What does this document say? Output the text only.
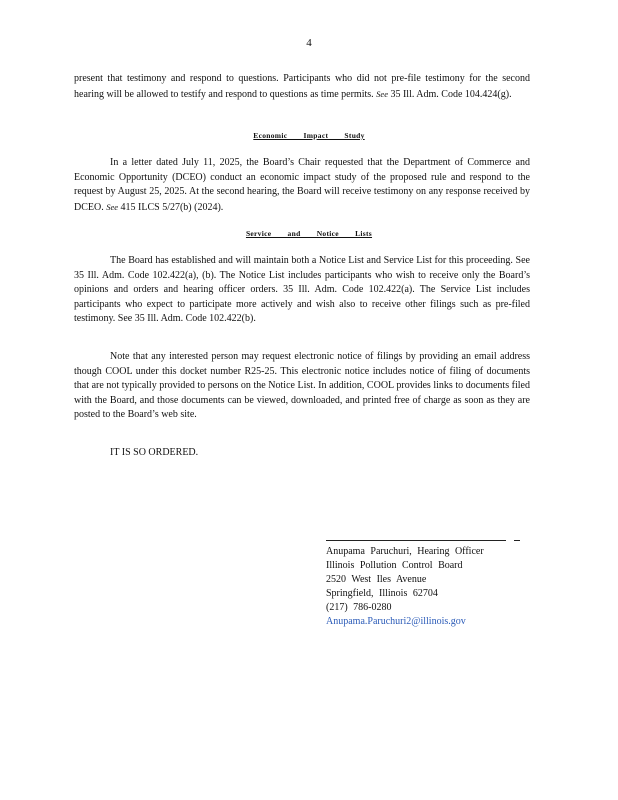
4

present that testimony and respond to questions. Participants who did not pre-file testimony for the second hearing will be allowed to testify and respond to questions as time permits. See 35 Ill. Adm. Code 104.424(g).

Economic Impact Study

In a letter dated July 11, 2025, the Board’s Chair requested that the Department of Commerce and Economic Opportunity (DCEO) conduct an economic impact study of the proposed rule and respond to the request by August 25, 2025. At the second hearing, the Board will receive testimony on any response received by DCEO. See 415 ILCS 5/27(b) (2024).

Service and Notice Lists

The Board has established and will maintain both a Notice List and Service List for this proceeding. See 35 Ill. Adm. Code 102.422(a), (b). The Notice List includes participants who wish to receive only the Board’s opinions and orders and hearing officer orders. 35 Ill. Adm. Code 102.422(a). The Service List includes participants who expect to participate more actively and wish also to receive other filings such as pre-filed testimony. See 35 Ill. Adm. Code 102.422(b).

Note that any interested person may request electronic notice of filings by providing an email address though COOL under this docket number R25-25. This electronic notice includes notice of filing of documents that are not typically provided to persons on the Notice List. In addition, COOL provides links to documents filed with the Board, and those documents can be viewed, downloaded, and printed free of charge as soon as they are posted to the Board’s web site.

IT IS SO ORDERED.

Anupama Paruchuri, Hearing Officer
Illinois Pollution Control Board
2520 West Iles Avenue
Springfield, Illinois 62704
(217) 786-0280
Anupama.Paruchuri2@illinois.gov
